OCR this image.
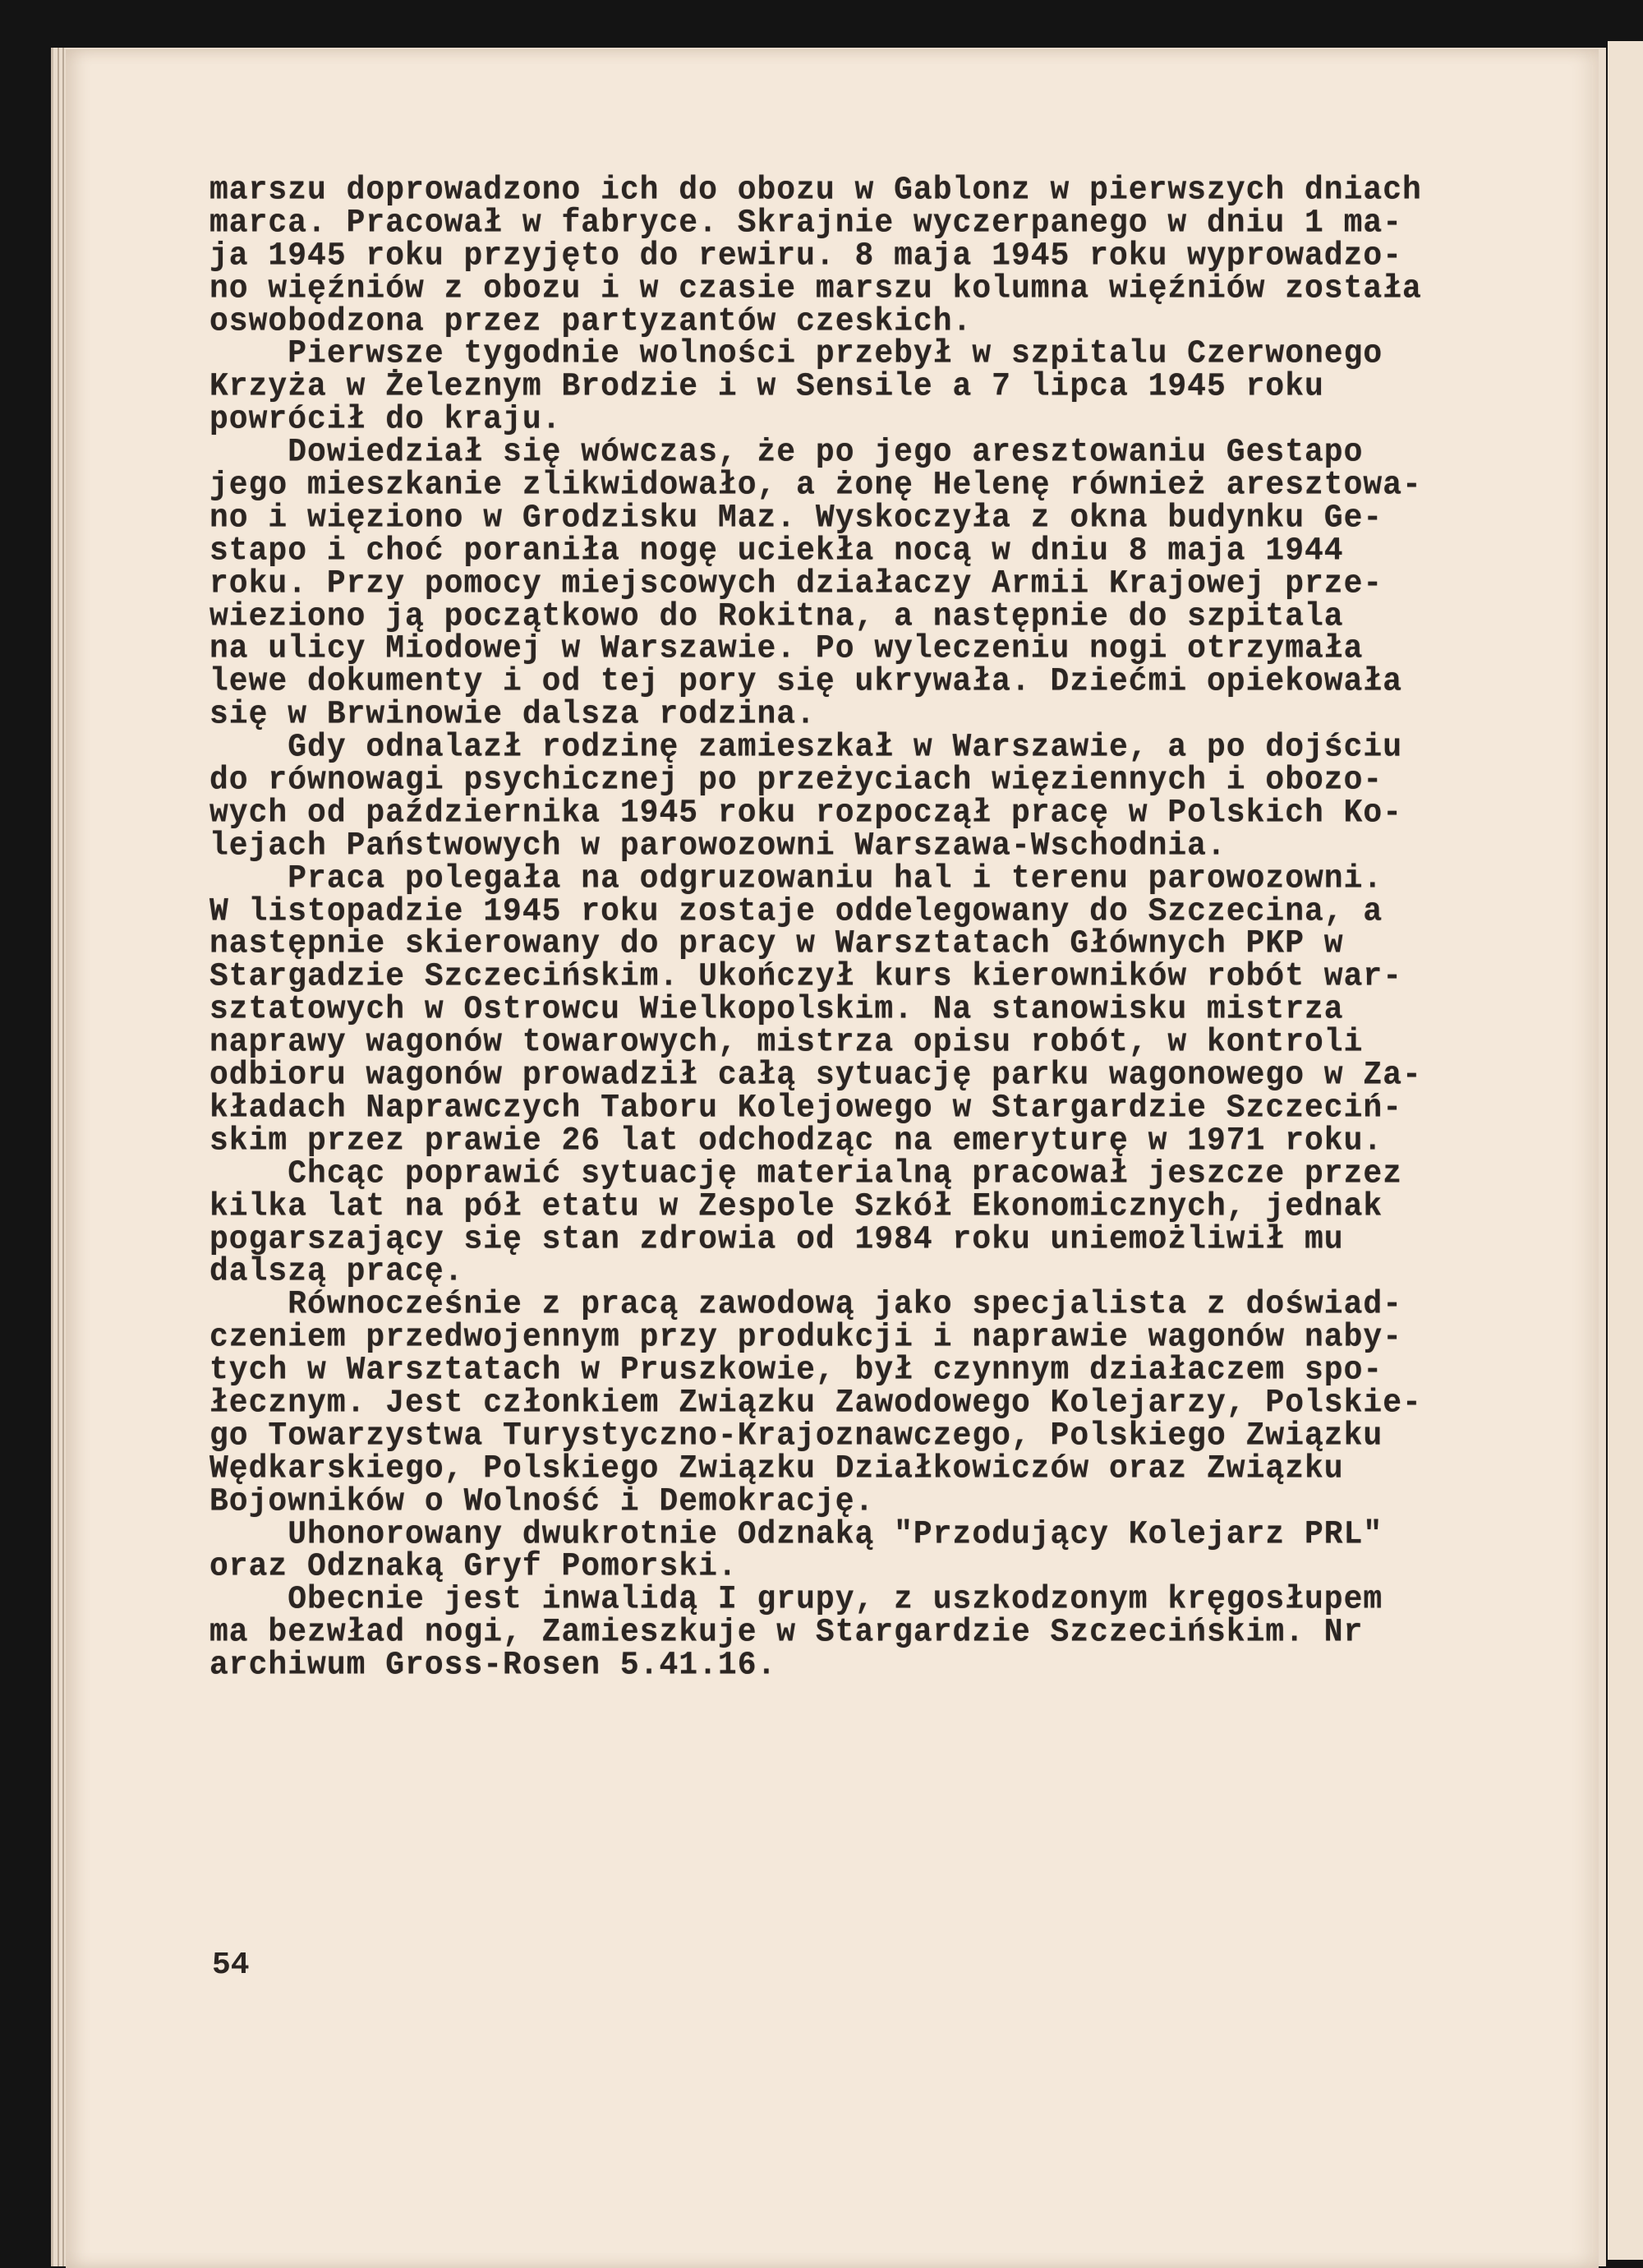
marszu doprowadzono ich do obozu w Gablonz w pierwszych dniach
marca. Pracował w fabryce. Skrajnie wyczerpanego w dniu 1 ma-
ja 1945 roku przyjęto do rewiru. 8 maja 1945 roku wyprowadzo-
no więźniów z obozu i w czasie marszu kolumna więźniów została
oswobodzona przez partyzantów czeskich.
Pierwsze tygodnie wolności przebył w szpitalu Czerwonego
Krzyża w Żeleznym Brodzie i w Sensile a 7 lipca 1945 roku
powrócił do kraju.
Dowiedział się wówczas, że po jego aresztowaniu Gestapo
jego mieszkanie zlikwidowało, a żonę Helenę również aresztowa-
no i więziono w Grodzisku Maz. Wyskoczyła z okna budynku Ge-
stapo i choć poraniła nogę uciekła nocą w dniu 8 maja 1944
roku. Przy pomocy miejscowych działaczy Armii Krajowej prze-
wieziono ją początkowo do Rokitna, a następnie do szpitala
na ulicy Miodowej w Warszawie. Po wyleczeniu nogi otrzymała
lewe dokumenty i od tej pory się ukrywała. Dziećmi opiekowała
się w Brwinowie dalsza rodzina.
Gdy odnalazł rodzinę zamieszkał w Warszawie, a po dojściu
do równowagi psychicznej po przeżyciach więziennych i obozo-
wych od października 1945 roku rozpoczął pracę w Polskich Ko-
lejach Państwowych w parowozowni Warszawa-Wschodnia.
Praca polegała na odgruzowaniu hal i terenu parowozowni.
W listopadzie 1945 roku zostaje oddelegowany do Szczecina, a
następnie skierowany do pracy w Warsztatach Głównych PKP w
Stargadzie Szczecińskim. Ukończył kurs kierowników robót war-
sztatowych w Ostrowcu Wielkopolskim. Na stanowisku mistrza
naprawy wagonów towarowych, mistrza opisu robót, w kontroli
odbioru wagonów prowadził całą sytuację parku wagonowego w Za-
kładach Naprawczych Taboru Kolejowego w Stargardzie Szczeciń-
skim przez prawie 26 lat odchodząc na emeryturę w 1971 roku.
Chcąc poprawić sytuację materialną pracował jeszcze przez
kilka lat na pół etatu w Zespole Szkół Ekonomicznych, jednak
pogarszający się stan zdrowia od 1984 roku uniemożliwił mu
dalszą pracę.
Równocześnie z pracą zawodową jako specjalista z doświad-
czeniem przedwojennym przy produkcji i naprawie wagonów naby-
tych w Warsztatach w Pruszkowie, był czynnym działaczem spo-
łecznym. Jest członkiem Związku Zawodowego Kolejarzy, Polskie-
go Towarzystwa Turystyczno-Krajoznawczego, Polskiego Związku
Wędkarskiego, Polskiego Związku Działkowiczów oraz Związku
Bojowników o Wolność i Demokrację.
Uhonorowany dwukrotnie Odznaką "Przodujący Kolejarz PRL"
oraz Odznaką Gryf Pomorski.
Obecnie jest inwalidą I grupy, z uszkodzonym kręgosłupem
ma bezwład nogi, Zamieszkuje w Stargardzie Szczecińskim. Nr
archiwum Gross-Rosen 5.41.16.
54
